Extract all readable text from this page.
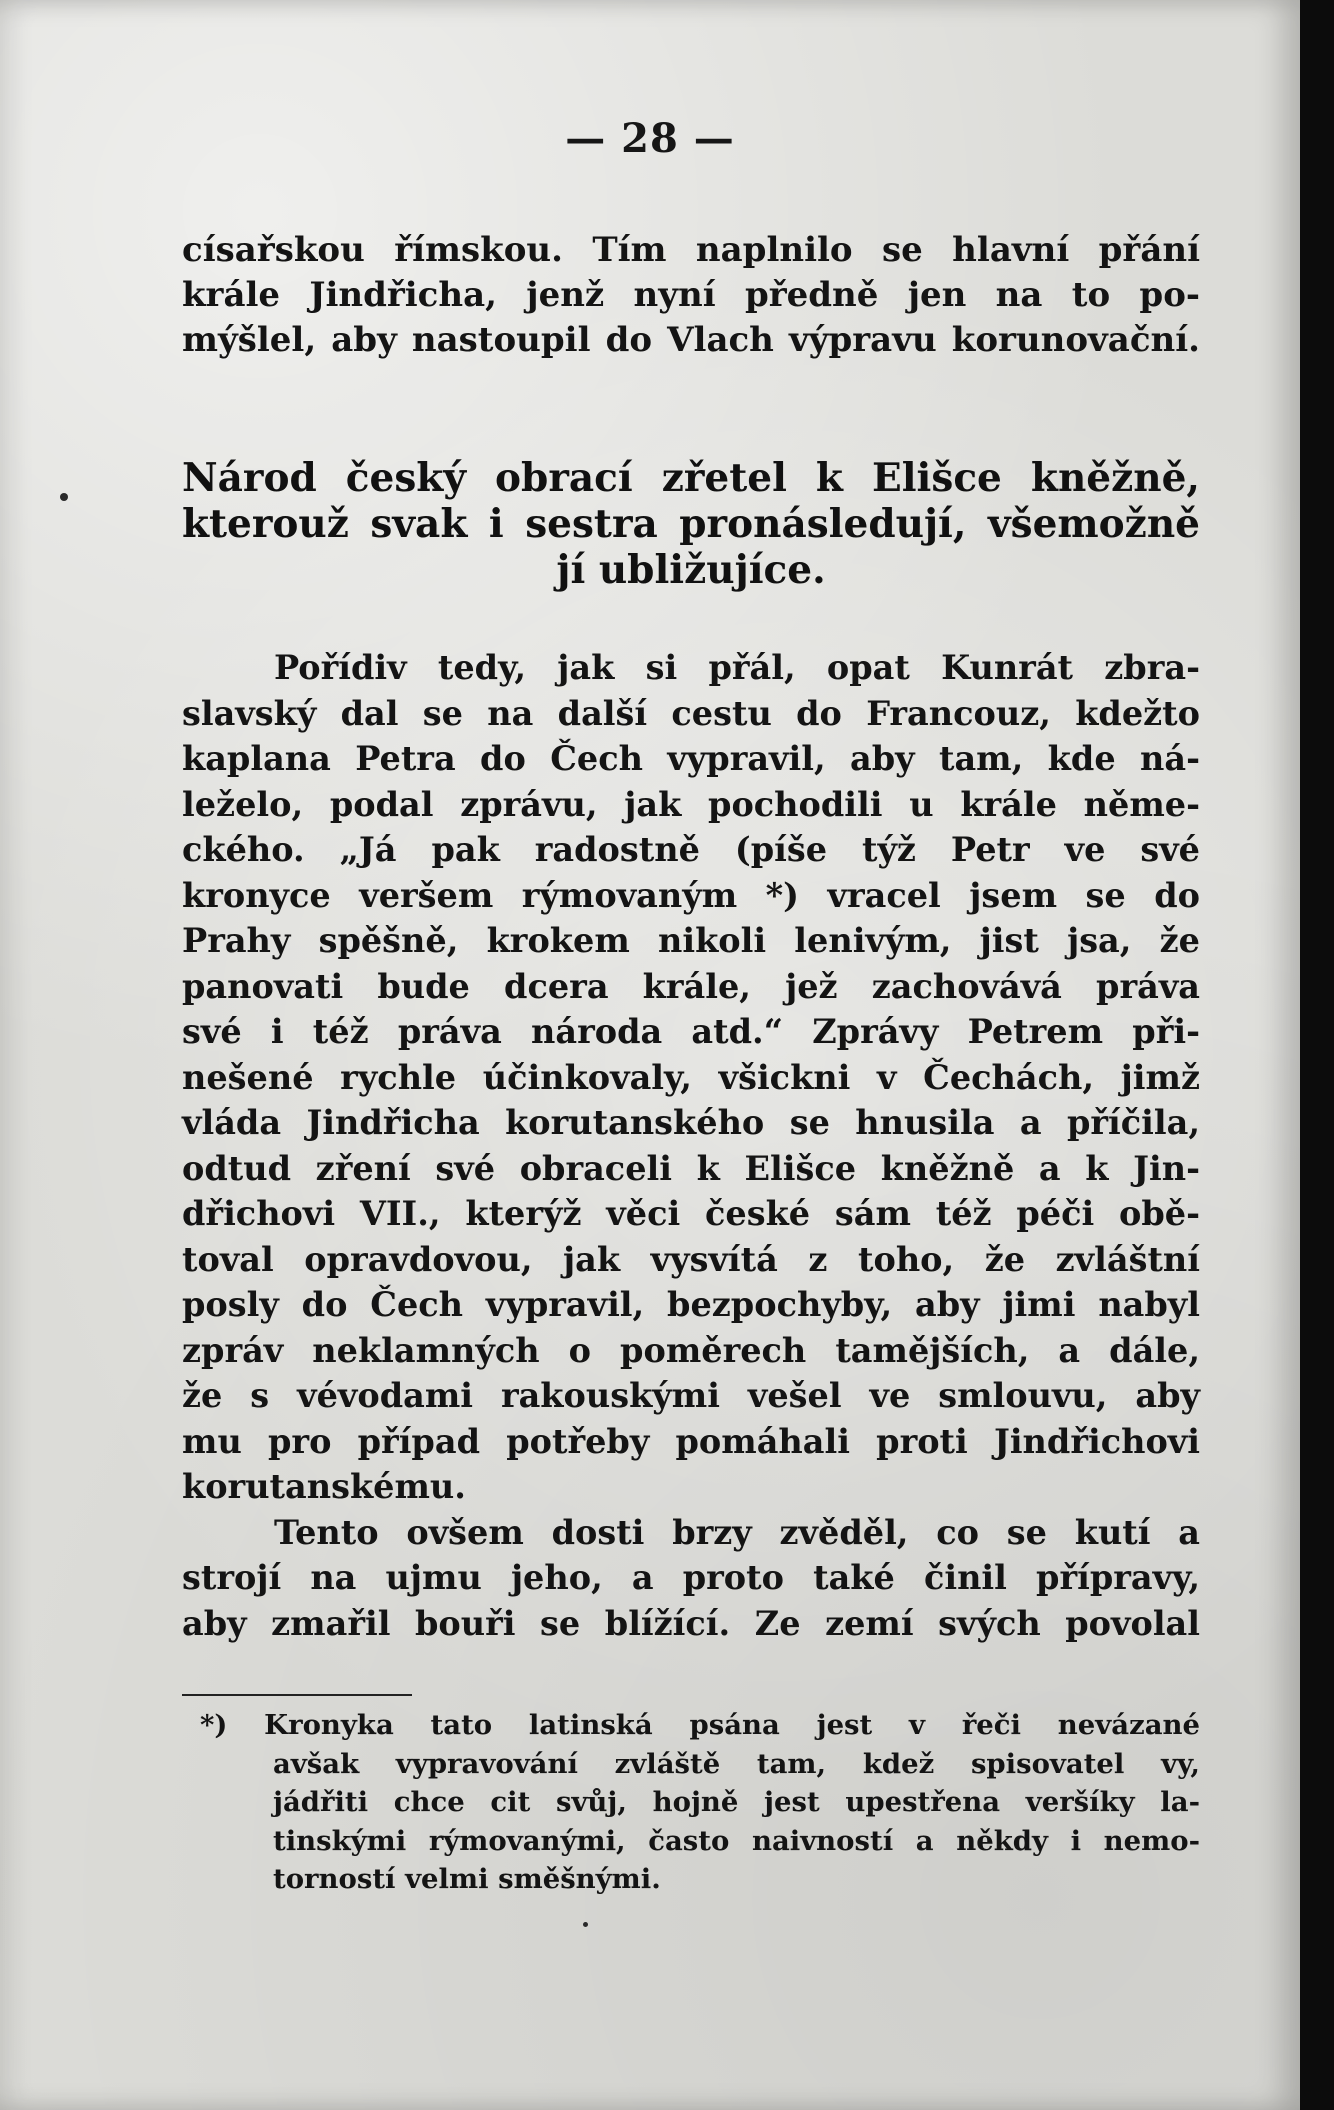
— 28 —
císařskou římskou. Tím naplnilo se hlavní přání
krále Jindřicha, jenž nyní předně jen na to po-
mýšlel, aby nastoupil do Vlach výpravu korunovační.
Národ český obrací zřetel k Elišce kněžně,
kterouž svak i sestra pronásledují, všemožně
jí ubližujíce.
Pořídiv tedy, jak si přál, opat Kunrát zbra-
slavský dal se na další cestu do Francouz, kdežto
kaplana Petra do Čech vypravil, aby tam, kde ná-
leželo, podal zprávu, jak pochodili u krále něme-
ckého. „Já pak radostně (píše týž Petr ve své
kronyce veršem rýmovaným *) vracel jsem se do
Prahy spěšně, krokem nikoli lenivým, jist jsa, že
panovati bude dcera krále, jež zachovává práva
své i též práva národa atd.“ Zprávy Petrem při-
nešené rychle účinkovaly, všickni v Čechách, jimž
vláda Jindřicha korutanského se hnusila a příčila,
odtud zření své obraceli k Elišce kněžně a k Jin-
dřichovi VII., kterýž věci české sám též péči obě-
toval opravdovou, jak vysvítá z toho, že zvláštní
posly do Čech vypravil, bezpochyby, aby jimi nabyl
zpráv neklamných o poměrech tamějších, a dále,
že s vévodami rakouskými vešel ve smlouvu, aby
mu pro případ potřeby pomáhali proti Jindřichovi
korutanskému.
Tento ovšem dosti brzy zvěděl, co se kutí a
strojí na ujmu jeho, a proto také činil přípravy,
aby zmařil bouři se blížící. Ze zemí svých povolal
*) Kronyka tato latinská psána jest v řeči nevázané
avšak vypravování zvláště tam, kdež spisovatel vy,
jádřiti chce cit svůj, hojně jest upestřena veršíky la-
tinskými rýmovanými, často naivností a někdy i nemo-
torností velmi směšnými.
